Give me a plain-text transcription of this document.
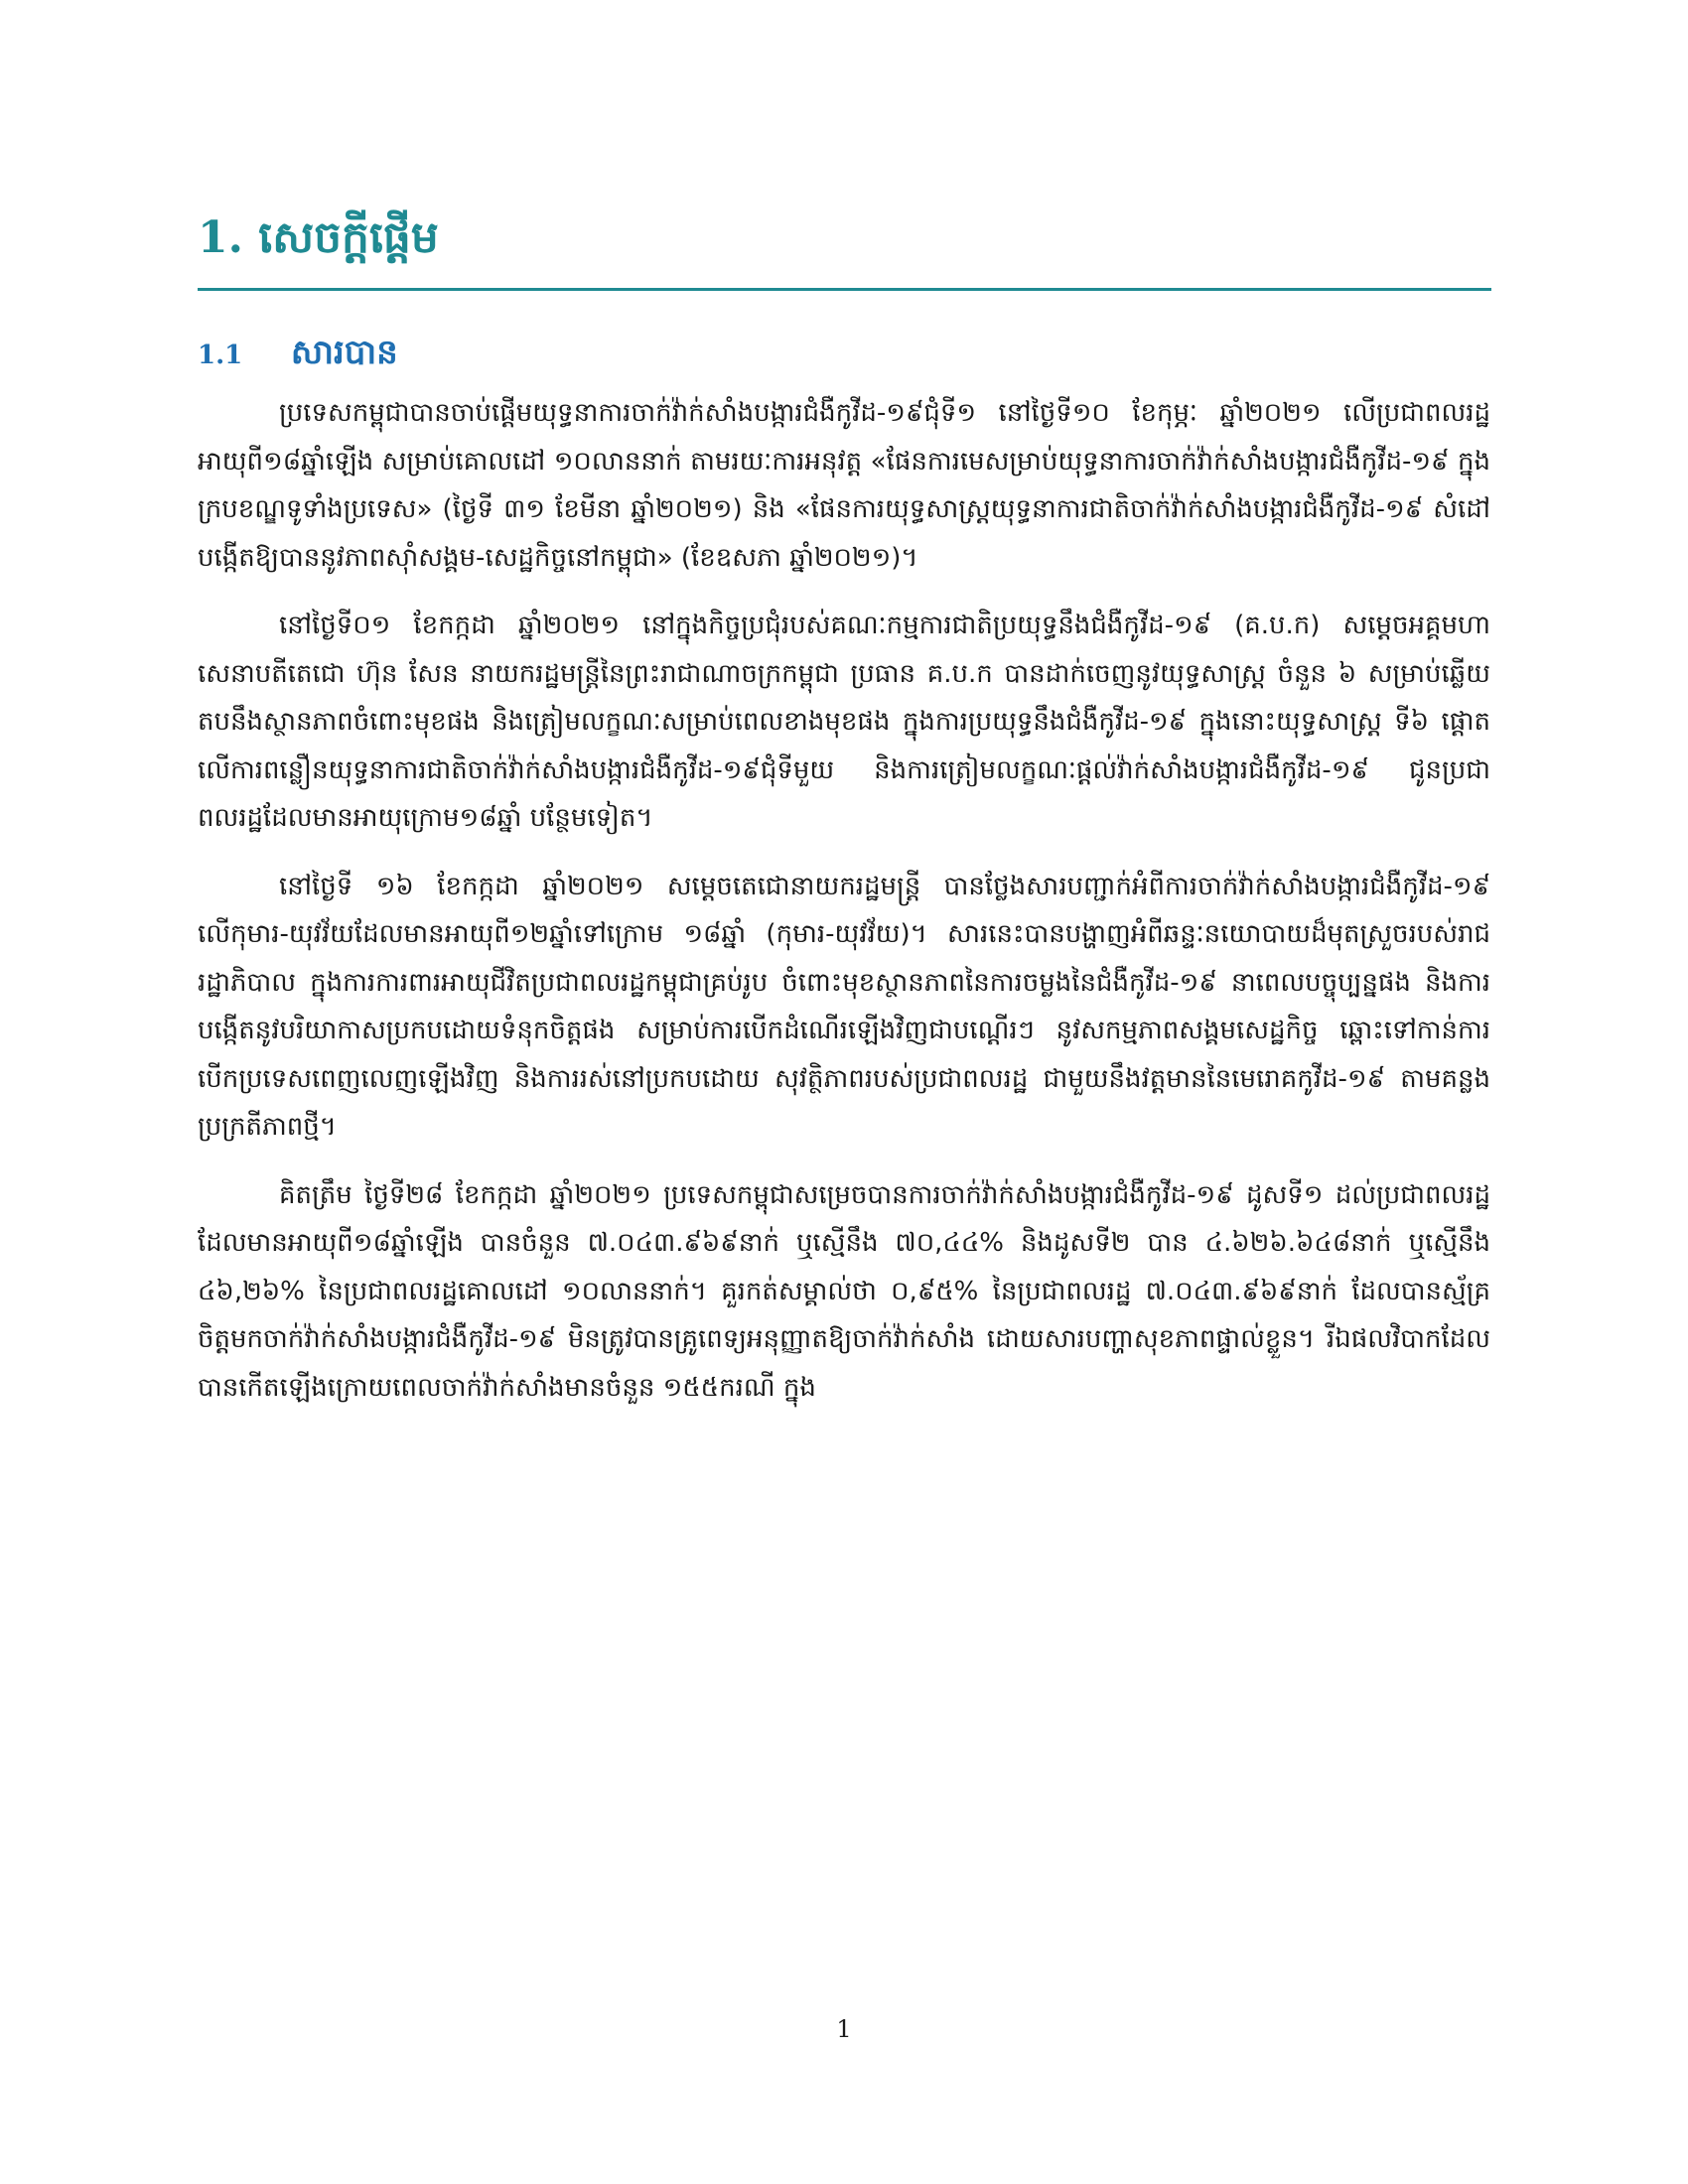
1. សេចក្តីផ្តើម
1.1 សារបាន

ប្រទេសកម្ពុជាបានចាប់ផ្តើមយុទ្ធនាការចាក់វ៉ាក់សាំងបង្ការជំងឺកូវីដ-១៩ជុំទី១ នៅថ្ងៃទី១០ ខែកុម្ភៈ ឆ្នាំ២០២១ លើប្រជាពលរដ្ឋអាយុពី១៨ឆ្នាំឡើង សម្រាប់គោលដៅ ១០លាននាក់ តាមរយៈការអនុវត្ត «ផែនការមេសម្រាប់យុទ្ធនាការចាក់វ៉ាក់សាំងបង្ការជំងឺកូវីដ-១៩ ក្នុងក្របខណ្ឌទូទាំងប្រទេស» (ថ្ងៃទី ៣១ ខែមីនា ឆ្នាំ២០២១) និង «ផែនការយុទ្ធសាស្ត្រយុទ្ធនាការជាតិចាក់វ៉ាក់សាំងបង្ការជំងឺកូវីដ-១៩ សំដៅបង្កើតឱ្យបាននូវភាពស៊ាំសង្គម-សេដ្ឋកិច្ចនៅកម្ពុជា» (ខែឧសភា ឆ្នាំ២០២១)។

នៅថ្ងៃទី០១ ខែកក្កដា ឆ្នាំ២០២១ នៅក្នុងកិច្ចប្រជុំរបស់គណៈកម្មការជាតិប្រយុទ្ធនឹងជំងឺកូវីដ-១៩ (គ.ប.ក) សម្តេចអគ្គមហាសេនាបតីតេជោ ហ៊ុន សែន នាយករដ្ឋមន្ត្រីនៃព្រះរាជាណាចក្រកម្ពុជា ប្រធាន គ.ប.ក បានដាក់ចេញនូវយុទ្ធសាស្ត្រ ចំនួន ៦ សម្រាប់ឆ្លើយតបនឹងស្ថានភាពចំពោះមុខផង និងត្រៀមលក្ខណៈសម្រាប់ពេលខាងមុខផង ក្នុងការប្រយុទ្ធនឹងជំងឺកូវីដ-១៩ ក្នុងនោះយុទ្ធសាស្ត្រ ទី៦ ផ្តោតលើការពន្លឿនយុទ្ធនាការជាតិចាក់វ៉ាក់សាំងបង្ការជំងឺកូវីដ-១៩ជុំទីមួយ និងការត្រៀមលក្ខណៈផ្តល់វ៉ាក់សាំងបង្ការជំងឺកូវីដ-១៩ ជូនប្រជាពលរដ្ឋដែលមានអាយុក្រោម១៨ឆ្នាំ បន្ថែមទៀត។

នៅថ្ងៃទី ១៦ ខែកក្កដា ឆ្នាំ២០២១ សម្តេចតេជោនាយករដ្ឋមន្ត្រី បានថ្លែងសារបញ្ជាក់អំពីការចាក់វ៉ាក់សាំងបង្ការជំងឺកូវីដ-១៩ លើកុមារ-យុវវ័យដែលមានអាយុពី១២ឆ្នាំទៅក្រោម ១៨ឆ្នាំ (កុមារ-យុវវ័យ)។ សារនេះបានបង្ហាញអំពីឆន្ទៈនយោបាយដ៏មុតស្រួចរបស់រាជរដ្ឋាភិបាល ក្នុងការការពារអាយុជីវិតប្រជាពលរដ្ឋកម្ពុជាគ្រប់រូប ចំពោះមុខស្ថានភាពនៃការចម្លងនៃជំងឺកូវីដ-១៩ នាពេលបច្ចុប្បន្នផង និងការបង្កើតនូវបរិយាកាសប្រកបដោយទំនុកចិត្តផង សម្រាប់ការបើកដំណើរឡើងវិញជាបណ្តើរៗ នូវសកម្មភាពសង្គមសេដ្ឋកិច្ច ឆ្ពោះទៅកាន់ការបើកប្រទេសពេញលេញឡើងវិញ និងការរស់នៅប្រកបដោយ សុវត្ថិភាពរបស់ប្រជាពលរដ្ឋ ជាមួយនឹងវត្តមាននៃមេរោគកូវីដ-១៩ តាមគន្លងប្រក្រតីភាពថ្មី។

គិតត្រឹម ថ្ងៃទី២៨ ខែកក្កដា ឆ្នាំ២០២១ ប្រទេសកម្ពុជាសម្រេចបានការចាក់វ៉ាក់សាំងបង្ការជំងឺកូវីដ-១៩ ដូសទី១ ដល់ប្រជាពលរដ្ឋដែលមានអាយុពី១៨ឆ្នាំឡើង បានចំនួន ៧.០៤៣.៩៦៩នាក់ ឬស្មើនឹង ៧០,៤៤% និងដូសទី២ បាន ៤.៦២៦.៦៤៨នាក់ ឬស្មើនឹង ៤៦,២៦% នៃប្រជាពលរដ្ឋគោលដៅ ១០លាននាក់។ គួរកត់សម្គាល់ថា ០,៩៥% នៃប្រជាពលរដ្ឋ ៧.០៤៣.៩៦៩នាក់ ដែលបានស្ម័គ្រចិត្តមកចាក់វ៉ាក់សាំងបង្ការជំងឺកូវីដ-១៩ មិនត្រូវបានគ្រូពេទ្យអនុញ្ញាតឱ្យចាក់វ៉ាក់សាំង ដោយសារបញ្ហាសុខភាពផ្ទាល់ខ្លួន។ រីឯផលវិបាកដែលបានកើតឡើងក្រោយពេលចាក់វ៉ាក់សាំងមានចំនួន ១៥៥ករណី ក្នុង

1
